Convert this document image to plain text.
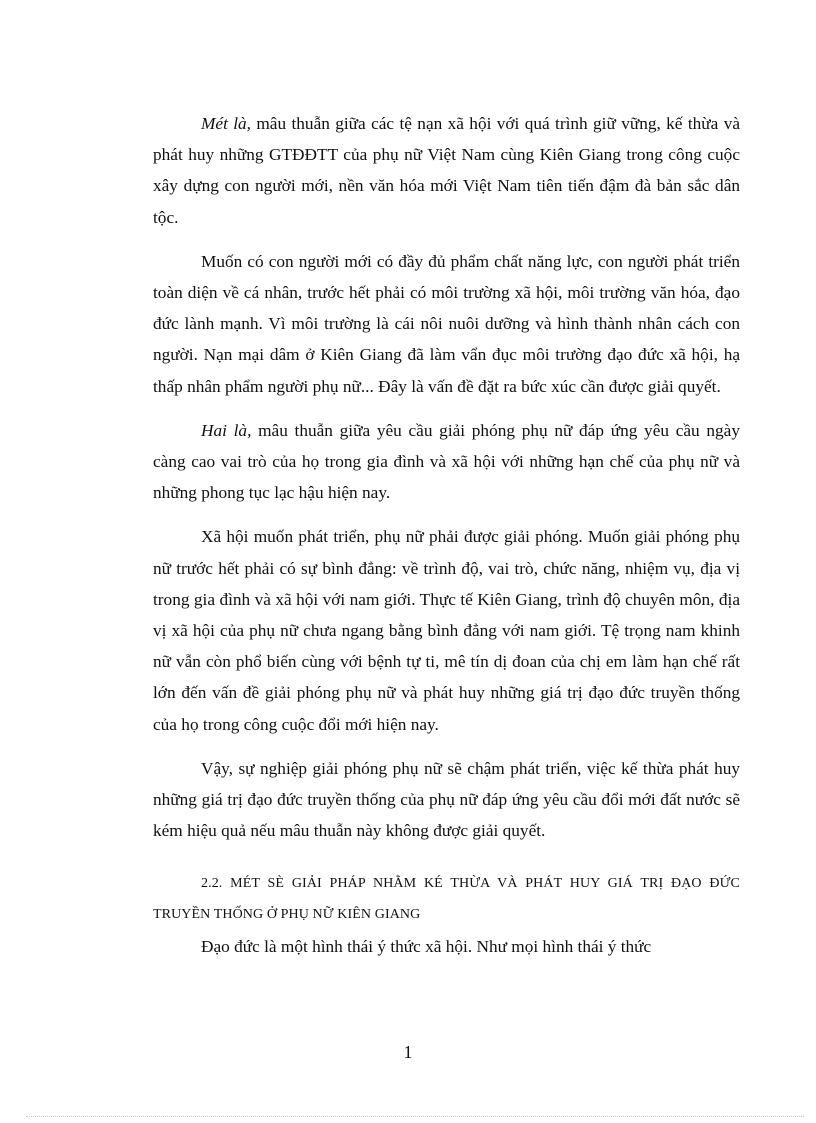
Mét là, mâu thuẫn giữa các tệ nạn xã hội với quá trình giữ vững, kế thừa và phát huy những GTĐĐTT của phụ nữ Việt Nam cùng Kiên Giang trong công cuộc xây dựng con người mới, nền văn hóa mới Việt Nam tiên tiến đậm đà bản sắc dân tộc.

Muốn có con người mới có đầy đủ phẩm chất năng lực, con người phát triển toàn diện về cá nhân, trước hết phải có môi trường xã hội, môi trường văn hóa, đạo đức lành mạnh. Vì môi trường là cái nôi nuôi dưỡng và hình thành nhân cách con người. Nạn mại dâm ở Kiên Giang đã làm vẩn đục môi trường đạo đức xã hội, hạ thấp nhân phẩm người phụ nữ... Đây là vấn đề đặt ra bức xúc cần được giải quyết.

Hai là, mâu thuẫn giữa yêu cầu giải phóng phụ nữ đáp ứng yêu cầu ngày càng cao vai trò của họ trong gia đình và xã hội với những hạn chế của phụ nữ và những phong tục lạc hậu hiện nay.

Xã hội muốn phát triển, phụ nữ phải được giải phóng. Muốn giải phóng phụ nữ trước hết phải có sự bình đẳng: về trình độ, vai trò, chức năng, nhiệm vụ, địa vị trong gia đình và xã hội với nam giới. Thực tế Kiên Giang, trình độ chuyên môn, địa vị xã hội của phụ nữ chưa ngang bằng bình đẳng với nam giới. Tệ trọng nam khinh nữ vẫn còn phổ biến cùng với bệnh tự ti, mê tín dị đoan của chị em làm hạn chế rất lớn đến vấn đề giải phóng phụ nữ và phát huy những giá trị đạo đức truyền thống của họ trong công cuộc đổi mới hiện nay.

Vậy, sự nghiệp giải phóng phụ nữ sẽ chậm phát triển, việc kế thừa phát huy những giá trị đạo đức truyền thống của phụ nữ đáp ứng yêu cầu đổi mới đất nước sẽ kém hiệu quả nếu mâu thuẫn này không được giải quyết.

2.2. MÉT SÈ GIẢI PHÁP NHẰM KÉ THỪA VÀ PHÁT HUY GIÁ TRỊ ĐẠO ĐỨC TRUYỀN THỐNG Ở PHỤ NỮ KIÊN GIANG

Đạo đức là một hình thái ý thức xã hội. Như mọi hình thái ý thức

1
